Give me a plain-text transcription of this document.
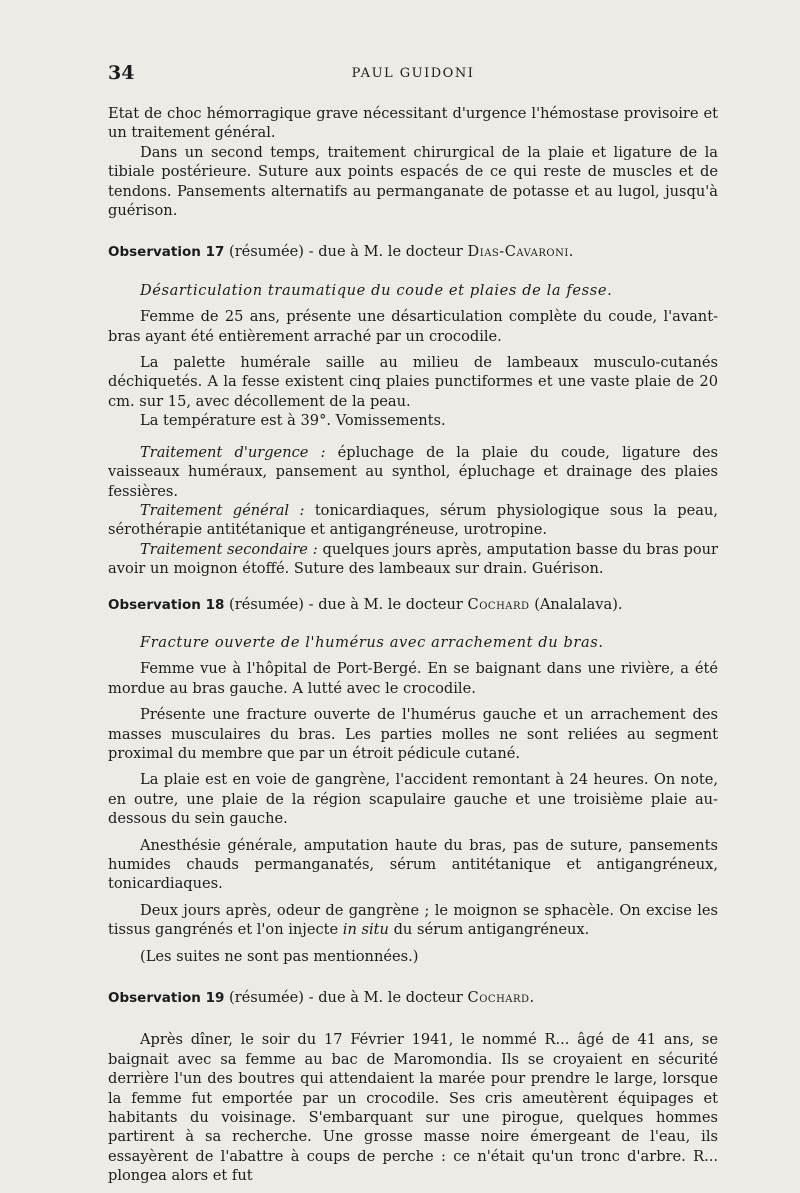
34	PAUL GUIDONI

Etat de choc hémorragique grave nécessitant d'urgence l'hémostase provisoire et un traitement général.

Dans un second temps, traitement chirurgical de la plaie et ligature de la tibiale postérieure. Suture aux points espacés de ce qui reste de muscles et de tendons. Pansements alternatifs au permanganate de potasse et au lugol, jusqu'à guérison.

Observation 17 (résumée) - due à M. le docteur Dias-Cavaroni.

Désarticulation traumatique du coude et plaies de la fesse.

Femme de 25 ans, présente une désarticulation complète du coude, l'avant-bras ayant été entièrement arraché par un crocodile.

La palette humérale saille au milieu de lambeaux musculo-cutanés déchiquetés. A la fesse existent cinq plaies punctiformes et une vaste plaie de 20 cm. sur 15, avec décollement de la peau.

La température est à 39°. Vomissements.

Traitement d'urgence : épluchage de la plaie du coude, ligature des vaisseaux huméraux, pansement au synthol, épluchage et drainage des plaies fessières.

Traitement général : tonicardiaques, sérum physiologique sous la peau, sérothérapie antitétanique et antigangréneuse, urotropine.

Traitement secondaire : quelques jours après, amputation basse du bras pour avoir un moignon étoffé. Suture des lambeaux sur drain. Guérison.

Observation 18 (résumée) - due à M. le docteur Cochard (Analalava).

Fracture ouverte de l'humérus avec arrachement du bras.

Femme vue à l'hôpital de Port-Bergé. En se baignant dans une rivière, a été mordue au bras gauche. A lutté avec le crocodile.

Présente une fracture ouverte de l'humérus gauche et un arrachement des masses musculaires du bras. Les parties molles ne sont reliées au segment proximal du membre que par un étroit pédicule cutané.

La plaie est en voie de gangrène, l'accident remontant à 24 heures. On note, en outre, une plaie de la région scapulaire gauche et une troisième plaie au-dessous du sein gauche.

Anesthésie générale, amputation haute du bras, pas de suture, pansements humides chauds permanganatés, sérum antitétanique et antigangréneux, tonicardiaques.

Deux jours après, odeur de gangrène ; le moignon se sphacèle. On excise les tissus gangrénés et l'on injecte in situ du sérum antigangréneux.

(Les suites ne sont pas mentionnées.)

Observation 19 (résumée) - due à M. le docteur Cochard.

Après dîner, le soir du 17 Février 1941, le nommé R... âgé de 41 ans, se baignait avec sa femme au bac de Maromondia. Ils se croyaient en sécurité derrière l'un des boutres qui attendaient la marée pour prendre le large, lorsque la femme fut emportée par un crocodile. Ses cris ameutèrent équipages et habitants du voisinage. S'embarquant sur une pirogue, quelques hommes partirent à sa recherche. Une grosse masse noire émergeant de l'eau, ils essayèrent de l'abattre à coups de perche : ce n'était qu'un tronc d'arbre. R... plongea alors et fut
